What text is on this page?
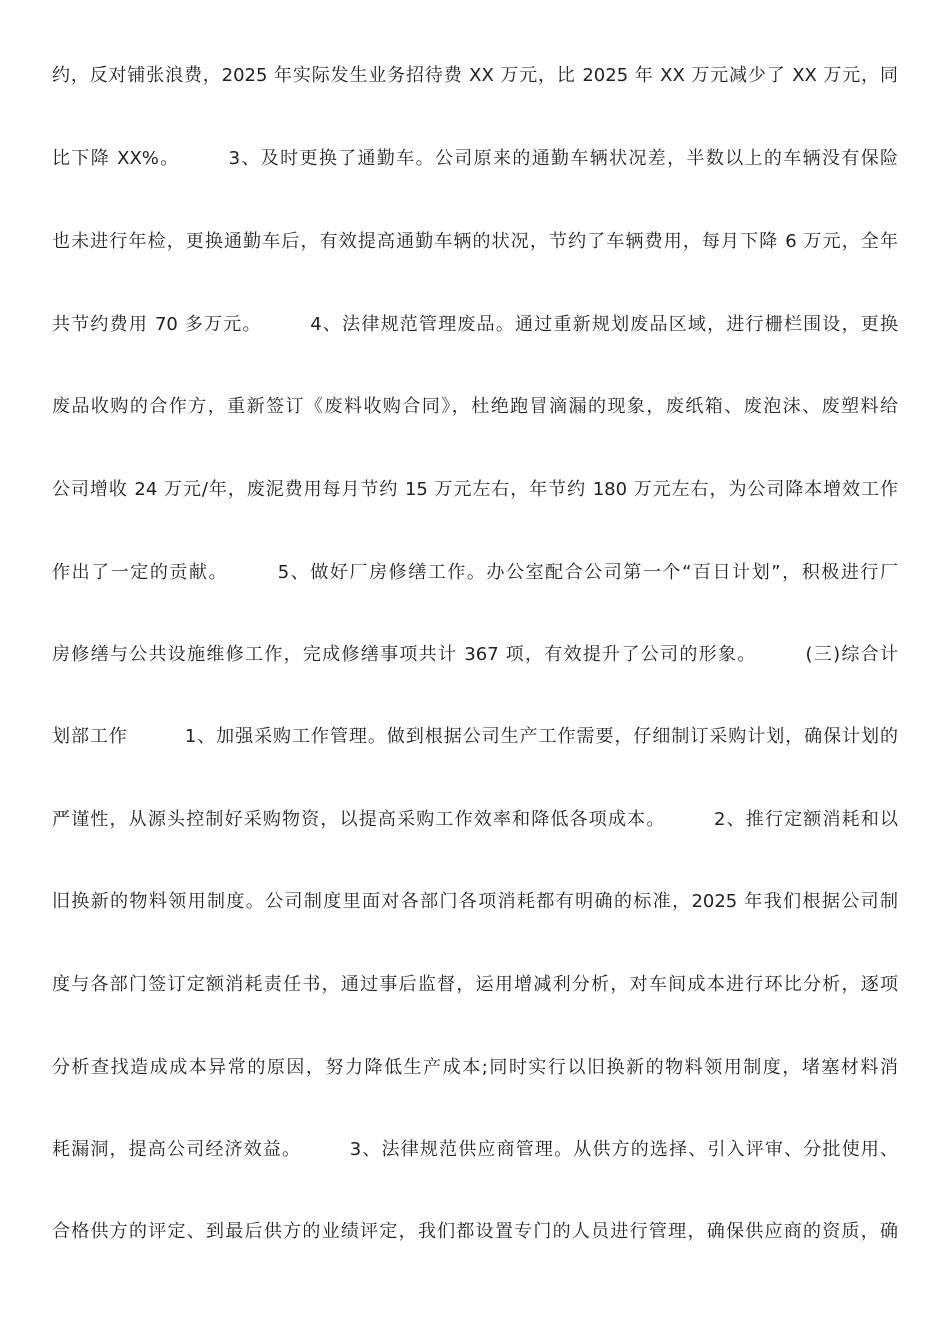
约，反对铺张浪费，2025 年实际发生业务招待费 XX 万元，比 2025 年 XX 万元减少了 XX 万元，同
比下降 XX%。　　　3、及时更换了通勤车。公司原来的通勤车辆状况差，半数以上的车辆没有保险
也未进行年检，更换通勤车后，有效提高通勤车辆的状况，节约了车辆费用，每月下降 6 万元，全年
共节约费用 70 多万元。　　　4、法律规范管理废品。通过重新规划废品区域，进行栅栏围设，更换
废品收购的合作方，重新签订《废料收购合同》，杜绝跑冒滴漏的现象，废纸箱、废泡沫、废塑料给
公司增收 24 万元/年，废泥费用每月节约 15 万元左右，年节约 180 万元左右，为公司降本增效工作
作出了一定的贡献。　　　5、做好厂房修缮工作。办公室配合公司第一个“百日计划”，积极进行厂
房修缮与公共设施维修工作，完成修缮事项共计 367 项，有效提升了公司的形象。　　　(三)综合计
划部工作　　　1、加强采购工作管理。做到根据公司生产工作需要，仔细制订采购计划，确保计划的
严谨性，从源头控制好采购物资，以提高采购工作效率和降低各项成本。　　　2、推行定额消耗和以
旧换新的物料领用制度。公司制度里面对各部门各项消耗都有明确的标准，2025 年我们根据公司制
度与各部门签订定额消耗责任书，通过事后监督，运用增减利分析，对车间成本进行环比分析，逐项
分析查找造成成本异常的原因，努力降低生产成本;同时实行以旧换新的物料领用制度，堵塞材料消
耗漏洞，提高公司经济效益。　　　3、法律规范供应商管理。从供方的选择、引入评审、分批使用、
合格供方的评定、到最后供方的业绩评定，我们都设置专门的人员进行管理，确保供应商的资质，确
